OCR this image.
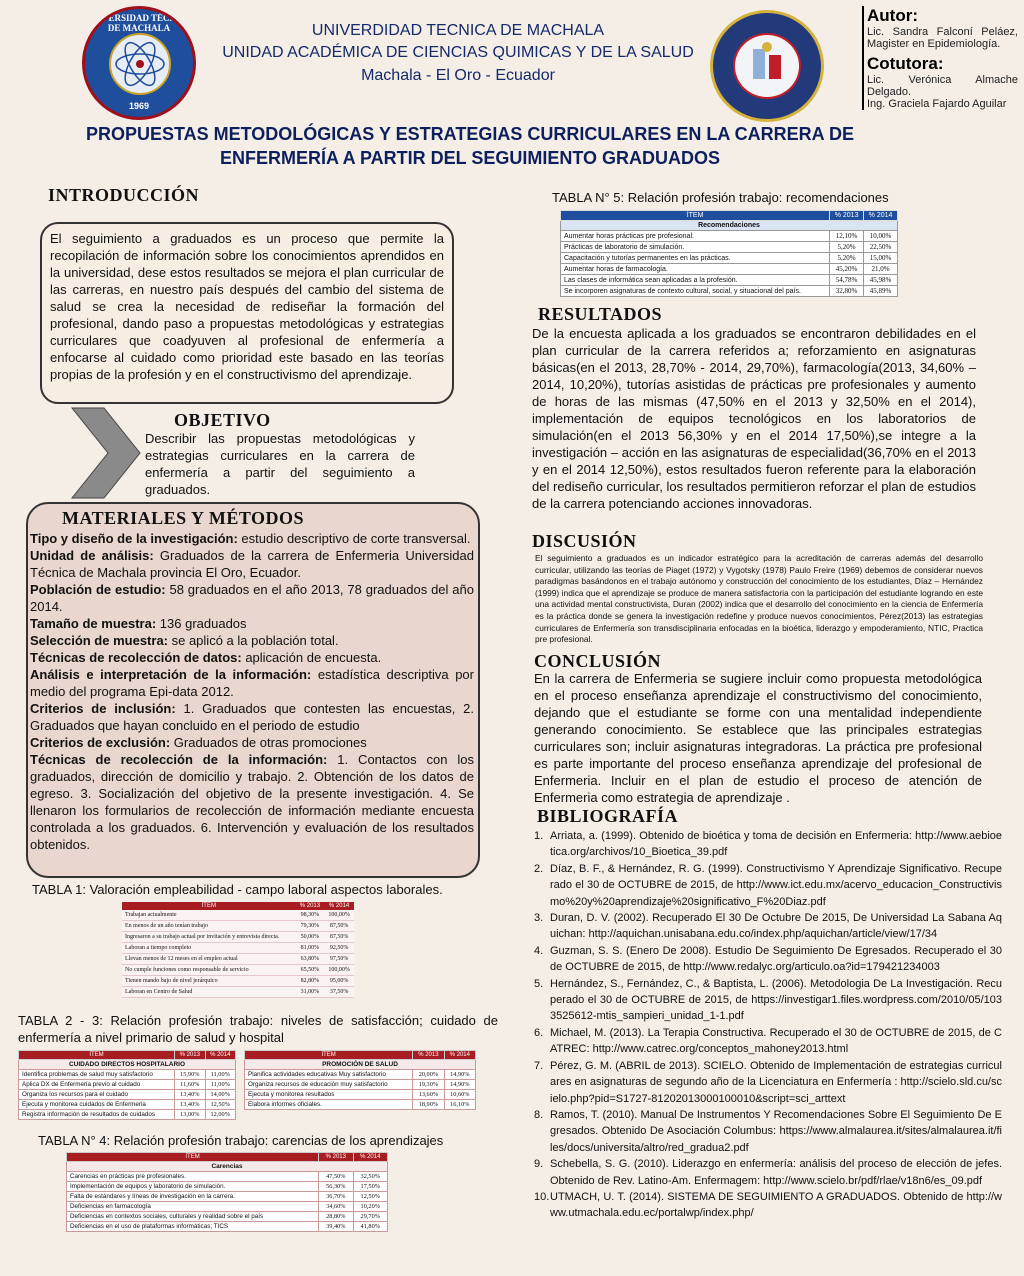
UNIVERSIDAD TÉCNICA DE MACHALA
1969
UNIVERDIDAD TECNICA DE MACHALA
UNIDAD ACADÉMICA DE CIENCIAS QUIMICAS Y DE LA SALUD
Machala - El Oro - Ecuador
Autor:
Lic. Sandra Falconí Peláez, Magister en Epidemiología.
Cotutora:
Lic. Verónica Almache Delgado.
Ing. Graciela Fajardo Aguilar
PROPUESTAS METODOLÓGICAS Y ESTRATEGIAS CURRICULARES EN LA CARRERA DE ENFERMERÍA A PARTIR DEL SEGUIMIENTO GRADUADOS
INTRODUCCIÓN
El seguimiento a graduados es un proceso que permite la recopilación de información sobre los conocimientos aprendidos en la universidad, dese estos resultados se mejora el plan curricular de las carreras, en nuestro país después del cambio del sistema de salud se crea la necesidad de rediseñar la formación del profesional, dando paso a propuestas metodológicas y estrategias curriculares que coadyuven al profesional de enfermería a enfocarse al cuidado como prioridad este basado en las teorías propias de la profesión y en el constructivismo del aprendizaje.
OBJETIVO
Describir las propuestas metodológicas y estrategias curriculares en la carrera de enfermería a partir del seguimiento a graduados.
MATERIALES Y MÉTODOS
Tipo y diseño de la investigación: estudio descriptivo de corte transversal.
Unidad de análisis: Graduados de la carrera de Enfermeria Universidad Técnica de Machala provincia El Oro, Ecuador.
Población de estudio: 58 graduados en el año 2013, 78 graduados del año 2014.
Tamaño de muestra: 136 graduados
Selección de muestra: se aplicó a la población total.
Técnicas de recolección de datos: aplicación de encuesta.
Análisis e interpretación de la información: estadística descriptiva por medio del programa Epi-data 2012.
Criterios de inclusión: 1. Graduados que contesten las encuestas, 2. Graduados que hayan concluido en el periodo de estudio
Criterios de exclusión: Graduados de otras promociones
Técnicas de recolección de la información: 1. Contactos con los graduados, dirección de domicilio y trabajo. 2. Obtención de los datos de egreso. 3. Socialización del objetivo de la presente investigación. 4. Se llenaron los formularios de recolección de información mediante encuesta controlada a los graduados. 6. Intervención y evaluación de los resultados obtenidos.
TABLA 1: Valoración empleabilidad - campo laboral aspectos laborales.
ÍTEM	% 2013	% 2014
Trabajan actualmente	98,30%	100,00%
En menos de un año tenían trabajo	79,30%	87,50%
Ingresaron a su trabajo actual por invitación y entrevista directa.	50,00%	87,50%
Laboran a tiempo completo	81,00%	92,50%
Llevan menos de 12 meses en el empleo actual	63,80%	97,50%
No cumple funciones como responsable de servicio	65,50%	100,00%
Tienen mando bajo de nivel jerárquico	82,80%	95,00%
Laboran en Centro de Salud	31,00%	37,50%
TABLA 2 - 3: Relación profesión trabajo: niveles de satisfacción; cuidado de enfermería a nivel primario de salud y hospital
ÍTEM	% 2013	% 2014
CUIDADO DIRECTOS HOSPITALARIO		
Identifica problemas de salud muy satisfactorio	15,90%	11,00%
Aplica DX de Enfermeria previo al cuidado	11,60%	11,00%
Organiza los recursos para el cuidado	13,40%	14,00%
Ejecuta y monitorea cuidados de Enfermeria	13,40%	12,50%
Registra información de resultados de cuidados	13,00%	12,00%
ÍTEM	% 2013	% 2014
PROMOCIÓN DE SALUD		
Planifica actividades educativas Muy satisfactorio	20,00%	14,90%
Organiza recursos de educación muy satisfactorio	19,30%	14,90%
Ejecuta y monitorea resultados	13,60%	10,60%
Elabora informes oficiales.	18,90%	16,10%
TABLA N° 4: Relación profesión trabajo: carencias de los aprendizajes
ÍTEM	% 2013	% 2014
Carencias		
Carencias en prácticas pre profesionales.	47,50%	32,50%
Implementación de equipos y laboratorio de simulación.	56,30%	17,50%
Falta de estándares y líneas de investigación en la carrera.	36,70%	12,50%
Deficiencias en farmacología	34,60%	10,20%
Deficiencias en contextos sociales, culturales y realidad sobre el país	28,80%	29,70%
Deficiencias en el uso de plataformas informáticas; TICS	39,40%	41,80%
TABLA N° 5: Relación profesión trabajo: recomendaciones
ÍTEM	% 2013	% 2014
Recomendaciones		
Aumentar horas prácticas pre profesional.	12,10%	10,00%
Prácticas de laboratorio de simulación.	5,20%	22,50%
Capacitación y tutorías permanentes en las prácticas.	5,20%	15,00%
Aumentar horas de farmacología.	45,20%	21,0%
Las clases de informática sean aplicadas a la profesión.	54,78%	45,98%
Se incorporen asignaturas de contexto cultural, social, y situacional del país.	32,80%	45,89%
RESULTADOS
De la encuesta aplicada a los graduados se encontraron debilidades en el plan curricular de la carrera referidos a; reforzamiento en asignaturas básicas(en el 2013, 28,70% - 2014, 29,70%), farmacología(2013, 34,60% – 2014, 10,20%), tutorías asistidas de prácticas pre profesionales y aumento de horas de las mismas (47,50% en el 2013 y 32,50% en el 2014), implementación de equipos tecnológicos en los laboratorios de simulación(en el 2013 56,30% y en el 2014 17,50%),se integre a la investigación – acción en las asignaturas de especialidad(36,70% en el 2013 y en el 2014 12,50%), estos resultados fueron referente para la elaboración del rediseño curricular, los resultados permitieron reforzar el plan de estudios de la carrera potenciando acciones innovadoras.
DISCUSIÓN
El seguimiento a graduados es un indicador estratégico para la acreditación de carreras además del desarrollo curricular, utilizando las teorías de Piaget (1972) y Vygotsky (1978) Paulo Freire (1969) debemos de considerar nuevos paradigmas basándonos en el trabajo autónomo y construcción del conocimiento de los estudiantes, Díaz – Hernández (1999) indica que el aprendizaje se produce de manera satisfactoria con la participación del estudiante logrando en este una actividad mental constructivista, Duran (2002) indica que el desarrollo del conocimiento en la ciencia de Enfermería es la práctica donde se genera la investigación redefine y produce nuevos conocimientos, Pérez(2013) las estrategias curriculares de Enfermería son transdisciplinaria enfocadas en la bioética, liderazgo y empoderamiento, NTIC, Practica pre profesional.
CONCLUSIÓN
En la carrera de Enfermeria se sugiere incluir como propuesta metodológica en el proceso enseñanza aprendizaje el constructivismo del conocimiento, dejando que el estudiante se forme con una mentalidad independiente generando conocimiento. Se establece que las principales estrategias curriculares son; incluir asignaturas integradoras. La práctica pre profesional es parte importante del proceso enseñanza aprendizaje del profesional de Enfermeria. Incluir en el plan de estudio el proceso de atención de Enfermeria como estrategia de aprendizaje .
BIBLIOGRAFÍA
1. Arriata, a. (1999). Obtenido de bioética y toma de decisión en Enfermeria: http://www.aebioetica.org/archivos/10_Bioetica_39.pdf
2. Díaz, B. F., & Hernández, R. G. (1999). Constructivismo Y Aprendizaje Significativo. Recuperado el 30 de OCTUBRE de 2015, de http://www.ict.edu.mx/acervo_educacion_Constructivismo%20y%20aprendizaje%20significativo_F%20Diaz.pdf
3. Duran, D. V. (2002). Recuperado El 30 De Octubre De 2015, De Universidad La Sabana Aquichan: http://aquichan.unisabana.edu.co/index.php/aquichan/article/view/17/34
4. Guzman, S. S. (Enero De 2008). Estudio De Seguimiento De Egresados. Recuperado el 30 de OCTUBRE de 2015, de http://www.redalyc.org/articulo.oa?id=179421234003
5. Hernández, S., Fernández, C., & Baptista, L. (2006). Metodologia De La Investigación. Recuperado el 30 de OCTUBRE de 2015, de https://investigar1.files.wordpress.com/2010/05/1033525612-mtis_sampieri_unidad_1-1.pdf
6. Michael, M. (2013). La Terapia Constructiva. Recuperado el 30 de OCTUBRE de 2015, de CATREC: http://www.catrec.org/conceptos_mahoney2013.html
7. Pérez, G. M. (ABRIL de 2013). SCIELO. Obtenido de Implementación de estrategias curriculares en asignaturas de segundo año de la Licenciatura en Enfermería : http://scielo.sld.cu/scielo.php?pid=S1727-81202013000100010&script=sci_arttext
8. Ramos, T. (2010). Manual De Instrumentos Y Recomendaciones Sobre El Seguimiento De Egresados. Obtenido De Asociación Columbus: https://www.almalaurea.it/sites/almalaurea.it/files/docs/universita/altro/red_gradua2.pdf
9. Schebella, S. G. (2010). Liderazgo en enfermería: análisis del proceso de elección de jefes. Obtenido de Rev. Latino-Am. Enfermagem: http://www.scielo.br/pdf/rlae/v18n6/es_09.pdf
10. UTMACH, U. T. (2014). SISTEMA DE SEGUIMIENTO A GRADUADOS. Obtenido de http://www.utmachala.edu.ec/portalwp/index.php/
